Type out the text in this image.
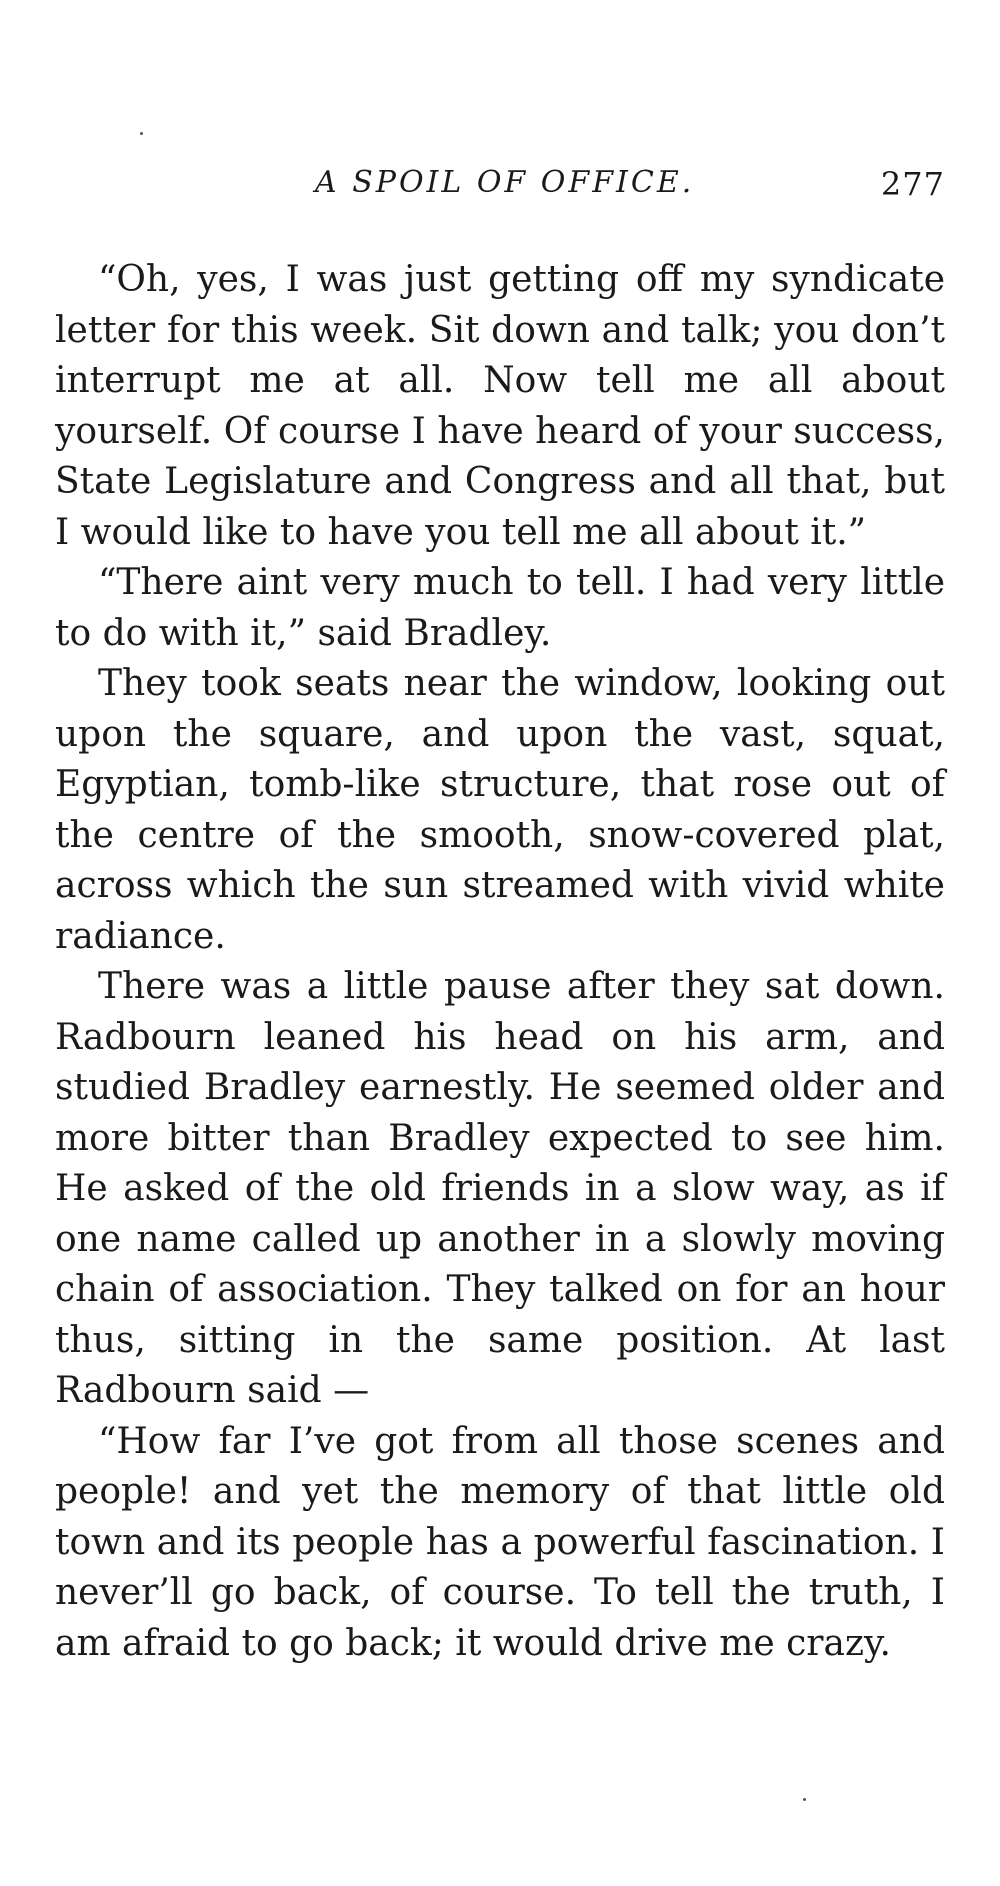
A SPOIL OF OFFICE.	277

“Oh, yes, I was just getting off my syndicate letter for this week. Sit down and talk; you don’t interrupt me at all. Now tell me all about yourself. Of course I have heard of your success, State Legislature and Congress and all that, but I would like to have you tell me all about it.”

“There aint very much to tell. I had very little to do with it,” said Bradley.

They took seats near the window, looking out upon the square, and upon the vast, squat, Egyptian, tomb-like structure, that rose out of the centre of the smooth, snow-covered plat, across which the sun streamed with vivid white radiance.

There was a little pause after they sat down. Radbourn leaned his head on his arm, and studied Bradley earnestly. He seemed older and more bitter than Bradley expected to see him. He asked of the old friends in a slow way, as if one name called up another in a slowly moving chain of association. They talked on for an hour thus, sitting in the same position. At last Radbourn said —

“How far I’ve got from all those scenes and people! and yet the memory of that little old town and its people has a powerful fascination. I never’ll go back, of course. To tell the truth, I am afraid to go back; it would drive me crazy.
